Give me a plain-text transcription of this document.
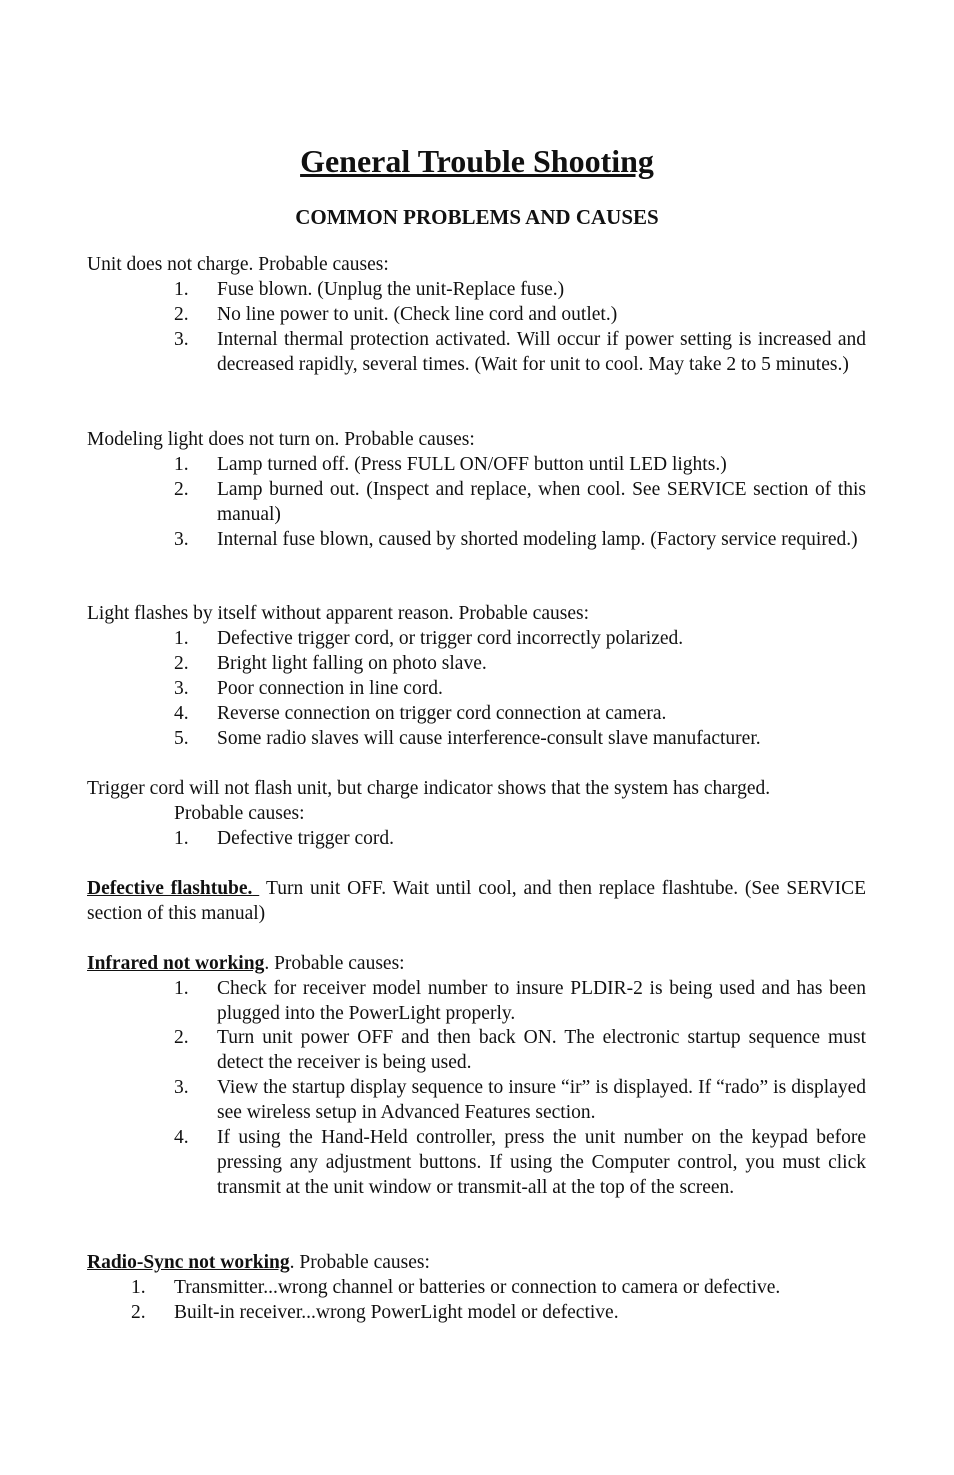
General Trouble Shooting
COMMON PROBLEMS AND CAUSES
Unit does not charge. Probable causes:
1. Fuse blown. (Unplug the unit-Replace fuse.)
2. No line power to unit. (Check line cord and outlet.)
3. Internal thermal protection activated. Will occur if power setting is increased and decreased rapidly, several times. (Wait for unit to cool. May take 2 to 5 minutes.)
Modeling light does not turn on. Probable causes:
1. Lamp turned off. (Press FULL ON/OFF button until LED lights.)
2. Lamp burned out. (Inspect and replace, when cool. See SERVICE section of this manual)
3. Internal fuse blown, caused by shorted modeling lamp. (Factory service required.)
Light flashes by itself without apparent reason. Probable causes:
1. Defective trigger cord, or trigger cord incorrectly polarized.
2. Bright light falling on photo slave.
3. Poor connection in line cord.
4. Reverse connection on trigger cord connection at camera.
5. Some radio slaves will cause interference-consult slave manufacturer.
Trigger cord will not flash unit, but charge indicator shows that the system has charged.
Probable causes:
1. Defective trigger cord.
Defective flashtube. Turn unit OFF. Wait until cool, and then replace flashtube. (See SERVICE section of this manual)
Infrared not working. Probable causes:
1. Check for receiver model number to insure PLDIR-2 is being used and has been plugged into the PowerLight properly.
2. Turn unit power OFF and then back ON. The electronic startup sequence must detect the receiver is being used.
3. View the startup display sequence to insure “ir” is displayed. If “rado” is displayed see wireless setup in Advanced Features section.
4. If using the Hand-Held controller, press the unit number on the keypad before pressing any adjustment buttons. If using the Computer control, you must click transmit at the unit window or transmit-all at the top of the screen.
Radio-Sync not working. Probable causes:
1. Transmitter...wrong channel or batteries or connection to camera or defective.
2. Built-in receiver...wrong PowerLight model or defective.
